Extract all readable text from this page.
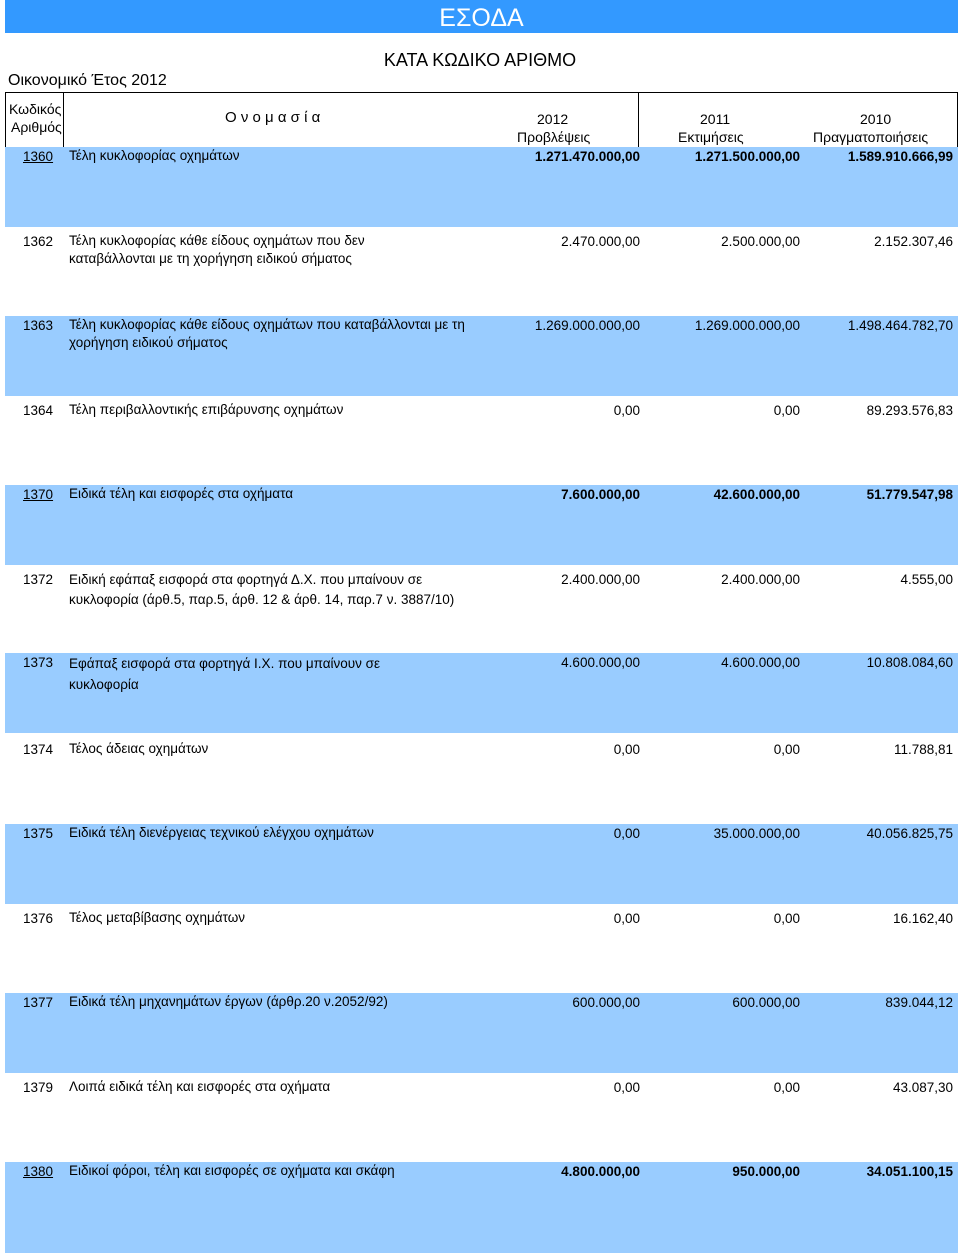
ΕΣΟΔΑ
ΚΑΤΑ ΚΩΔΙΚΟ ΑΡΙΘΜΟ
Οικονομικό Έτος 2012
Κωδικός
Αριθμός
Ο ν ο μ α σ ί α	2012
Προβλέψεις
2011
Εκτιμήσεις
2010
Πραγματοποιήσεις
1360 Τέλη κυκλοφορίας οχημάτων	1.271.470.000,00	1.271.500.000,00	1.589.910.666,99
1362 Τέλη κυκλοφορίας κάθε είδους οχημάτων που δεν καταβάλλονται με τη χορήγηση ειδικού σήματος
2.470.000,00	2.500.000,00	2.152.307,46
1363 Τέλη κυκλοφορίας κάθε είδους οχημάτων που καταβάλλονται με τη χορήγηση ειδικού σήματος
1.269.000.000,00	1.269.000.000,00	1.498.464.782,70
1364 Τέλη περιβαλλοντικής επιβάρυνσης οχημάτων	0,00	0,00	89.293.576,83
1370 Ειδικά τέλη και εισφορές στα οχήματα	7.600.000,00	42.600.000,00	51.779.547,98
1372 Ειδική εφάπαξ εισφορά στα φορτηγά Δ.Χ. που μπαίνουν σε κυκλοφορία (άρθ.5, παρ.5, άρθ. 12 & άρθ. 14, παρ.7 ν. 3887/10)
2.400.000,00	2.400.000,00	4.555,00
1373 Εφάπαξ εισφορά στα φορτηγά Ι.Χ. που μπαίνουν σε κυκλοφορία
4.600.000,00	4.600.000,00	10.808.084,60
1374 Τέλος άδειας οχημάτων	0,00	0,00	11.788,81
1375 Ειδικά τέλη διενέργειας τεχνικού ελέγχου οχημάτων	0,00	35.000.000,00	40.056.825,75
1376 Τέλος μεταβίβασης οχημάτων	0,00	0,00	16.162,40
1377 Ειδικά τέλη μηχανημάτων έργων (άρθρ.20 ν.2052/92)	600.000,00	600.000,00	839.044,12
1379 Λοιπά ειδικά τέλη και εισφορές στα οχήματα	0,00	0,00	43.087,30
1380 Ειδικοί φόροι, τέλη και εισφορές σε οχήματα και σκάφη	4.800.000,00	950.000,00	34.051.100,15
